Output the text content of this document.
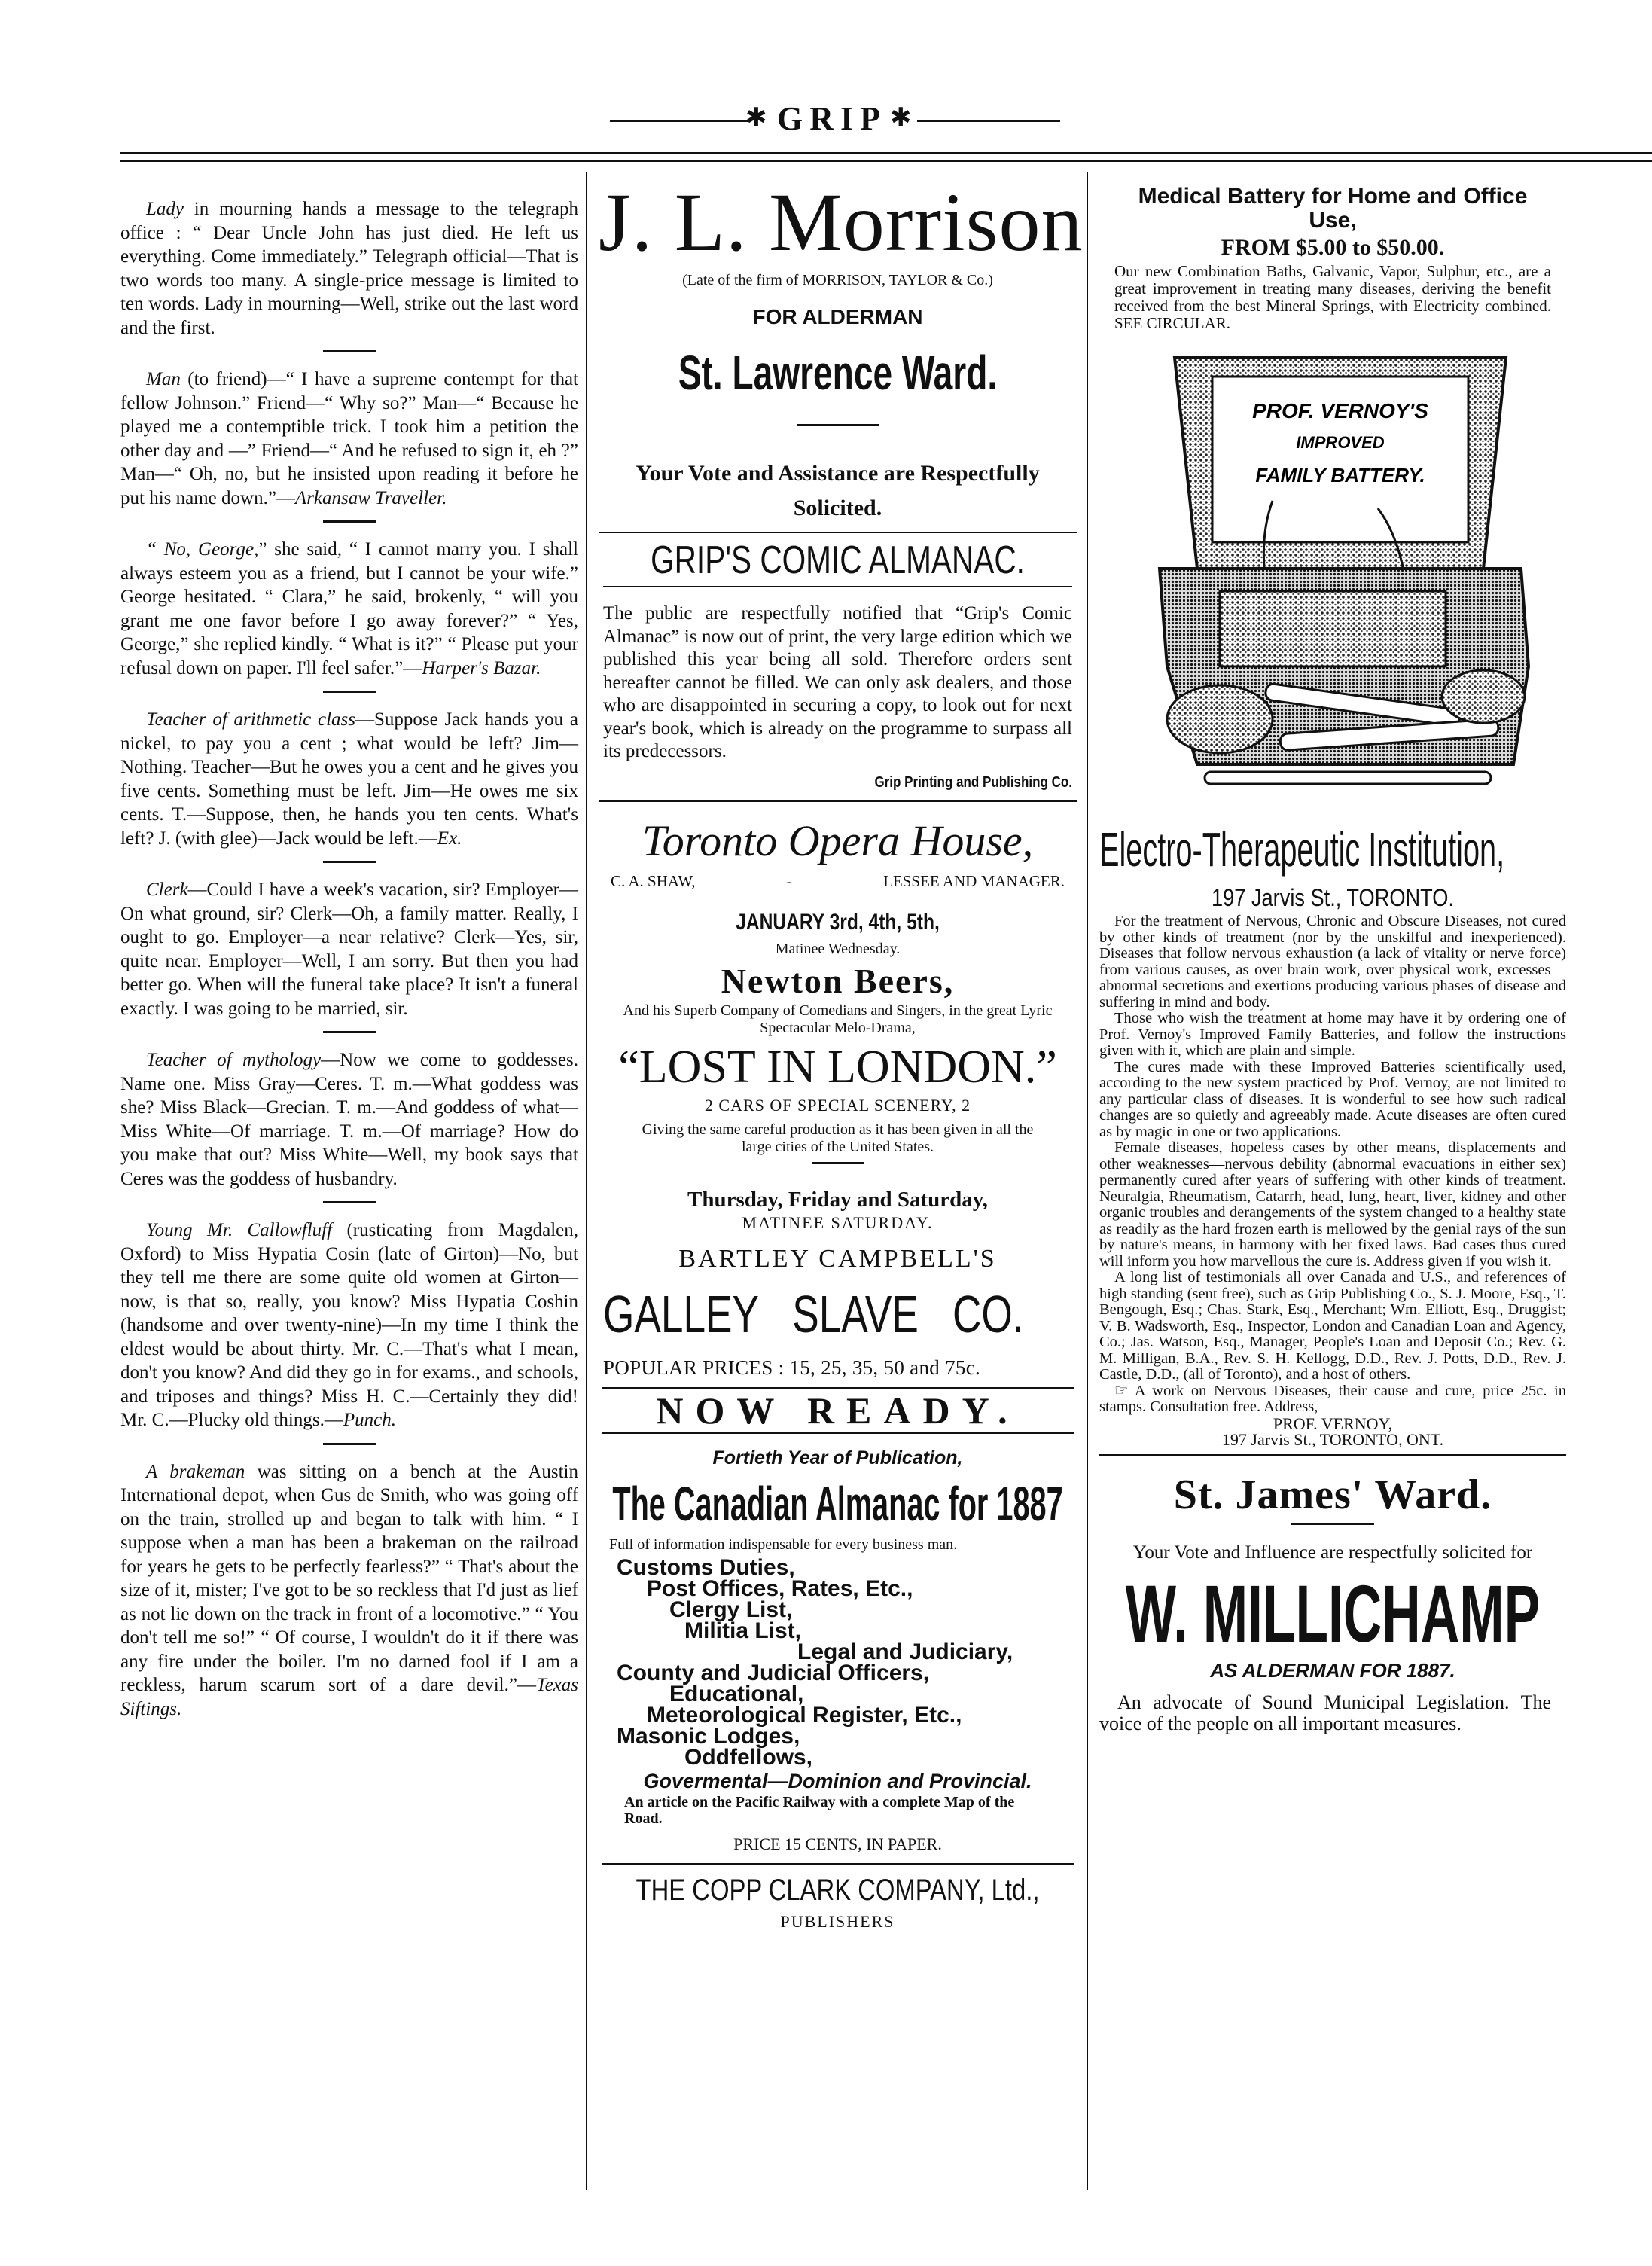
✱ GRIP ✱

Lady in mourning hands a message to the telegraph office : “ Dear Uncle John has just died. He left us everything. Come immediately.” Telegraph official—That is two words too many. A single-price message is limited to ten words. Lady in mourning—Well, strike out the last word and the first.

Man (to friend)—“ I have a supreme contempt for that fellow Johnson.” Friend—“ Why so?” Man—“ Because he played me a contemptible trick. I took him a petition the other day and —” Friend—“ And he refused to sign it, eh ?” Man—“ Oh, no, but he insisted upon reading it before he put his name down.”—Arkansaw Traveller.

“ No, George,” she said, “ I cannot marry you. I shall always esteem you as a friend, but I cannot be your wife.” George hesitated. “ Clara,” he said, brokenly, “ will you grant me one favor before I go away forever?” “ Yes, George,” she replied kindly. “ What is it?” “ Please put your refusal down on paper. I'll feel safer.”—Harper's Bazar.

Teacher of arithmetic class—Suppose Jack hands you a nickel, to pay you a cent ; what would be left? Jim—Nothing. Teacher—But he owes you a cent and he gives you five cents. Something must be left. Jim—He owes me six cents. T.—Suppose, then, he hands you ten cents. What's left? J. (with glee)—Jack would be left.—Ex.

Clerk—Could I have a week's vacation, sir? Employer—On what ground, sir? Clerk—Oh, a family matter. Really, I ought to go. Employer—a near relative? Clerk—Yes, sir, quite near. Employer—Well, I am sorry. But then you had better go. When will the funeral take place? It isn't a funeral exactly. I was going to be married, sir.

Teacher of mythology—Now we come to goddesses. Name one. Miss Gray—Ceres. T. m.—What goddess was she? Miss Black—Grecian. T. m.—And goddess of what—Miss White—Of marriage. T. m.—Of marriage? How do you make that out? Miss White—Well, my book says that Ceres was the goddess of husbandry.

Young Mr. Callowfluff (rusticating from Magdalen, Oxford) to Miss Hypatia Cosin (late of Girton)—No, but they tell me there are some quite old women at Girton—now, is that so, really, you know? Miss Hypatia Coshin (handsome and over twenty-nine)—In my time I think the eldest would be about thirty. Mr. C.—That's what I mean, don't you know? And did they go in for exams., and schools, and triposes and things? Miss H. C.—Certainly they did! Mr. C.—Plucky old things.—Punch.

A brakeman was sitting on a bench at the Austin International depot, when Gus de Smith, who was going off on the train, strolled up and began to talk with him. “ I suppose when a man has been a brakeman on the railroad for years he gets to be perfectly fearless?” “ That's about the size of it, mister; I've got to be so reckless that I'd just as lief as not lie down on the track in front of a locomotive.” “ You don't tell me so!” “ Of course, I wouldn't do it if there was any fire under the boiler. I'm no darned fool if I am a reckless, harum scarum sort of a dare devil.”—Texas Siftings.

J. L. Morrison
(Late of the firm of MORRISON, TAYLOR & Co.)
FOR ALDERMAN
St. Lawrence Ward.
Your Vote and Assistance are Respectfully Solicited.
GRIP'S COMIC ALMANAC.

The public are respectfully notified that “Grip's Comic Almanac” is now out of print, the very large edition which we published this year being all sold. Therefore orders sent hereafter cannot be filled. We can only ask dealers, and those who are disappointed in securing a copy, to look out for next year's book, which is already on the programme to surpass all its predecessors.

Grip Printing and Publishing Co.
Toronto Opera House,
C. A. SHAW,	-	LESSEE AND MANAGER.
JANUARY 3rd, 4th, 5th,
Matinee Wednesday.
Newton Beers,
And his Superb Company of Comedians and Singers, in the great Lyric Spectacular Melo-Drama,
“LOST IN LONDON.”
2 CARS OF SPECIAL SCENERY, 2
Giving the same careful production as it has been given in all the large cities of the United States.
Thursday, Friday and Saturday,
MATINEE SATURDAY.
BARTLEY CAMPBELL'S
GALLEY SLAVE CO.
POPULAR PRICES : 15, 25, 35, 50 and 75c.
NOW READY.
Fortieth Year of Publication,
The Canadian Almanac for 1887
Full of information indispensable for every business man.
Customs Duties,
Post Offices, Rates, Etc.,
Clergy List,
Militia List,
Legal and Judiciary,
County and Judicial Officers,
Educational,
Meteorological Register, Etc.,
Masonic Lodges,
Oddfellows,
Govermental—Dominion and Provincial.
An article on the Pacific Railway with a complete Map of the Road.
PRICE 15 CENTS, IN PAPER.
THE COPP CLARK COMPANY, Ltd.,
PUBLISHERS
Medical Battery for Home and Office Use,
FROM $5.00 to $50.00.

Our new Combination Baths, Galvanic, Vapor, Sulphur, etc., are a great improvement in treating many diseases, deriving the benefit received from the best Mineral Springs, with Electricity combined. SEE CIRCULAR.

PROF. VERNOY'S
IMPROVED
FAMILY BATTERY.
Electro-Therapeutic Institution,
197 Jarvis St., TORONTO.

For the treatment of Nervous, Chronic and Obscure Diseases, not cured by other kinds of treatment (nor by the unskilful and inexperienced). Diseases that follow nervous exhaustion (a lack of vitality or nerve force) from various causes, as over brain work, over physical work, excesses—abnormal secretions and exertions producing various phases of disease and suffering in mind and body.

Those who wish the treatment at home may have it by ordering one of Prof. Vernoy's Improved Family Batteries, and follow the instructions given with it, which are plain and simple.

The cures made with these Improved Batteries scientifically used, according to the new system practiced by Prof. Vernoy, are not limited to any particular class of diseases. It is wonderful to see how such radical changes are so quietly and agreeably made. Acute diseases are often cured as by magic in one or two applications.

Female diseases, hopeless cases by other means, displacements and other weaknesses—nervous debility (abnormal evacuations in either sex) permanently cured after years of suffering with other kinds of treatment. Neuralgia, Rheumatism, Catarrh, head, lung, heart, liver, kidney and other organic troubles and derangements of the system changed to a healthy state as readily as the hard frozen earth is mellowed by the genial rays of the sun by nature's means, in harmony with her fixed laws. Bad cases thus cured will inform you how marvellous the cure is. Address given if you wish it.

A long list of testimonials all over Canada and U.S., and references of high standing (sent free), such as Grip Publishing Co., S. J. Moore, Esq., T. Bengough, Esq.; Chas. Stark, Esq., Merchant; Wm. Elliott, Esq., Druggist; V. B. Wadsworth, Esq., Inspector, London and Canadian Loan and Agency, Co.; Jas. Watson, Esq., Manager, People's Loan and Deposit Co.; Rev. G. M. Milligan, B.A., Rev. S. H. Kellogg, D.D., Rev. J. Potts, D.D., Rev. J. Castle, D.D., (all of Toronto), and a host of others.

☞ A work on Nervous Diseases, their cause and cure, price 25c. in stamps. Consultation free. Address,

PROF. VERNOY,

197 Jarvis St., TORONTO, ONT.

St. James' Ward.
Your Vote and Influence are respectfully solicited for
W. MILLICHAMP
AS ALDERMAN FOR 1887.

An advocate of Sound Municipal Legislation. The voice of the people on all important measures.
